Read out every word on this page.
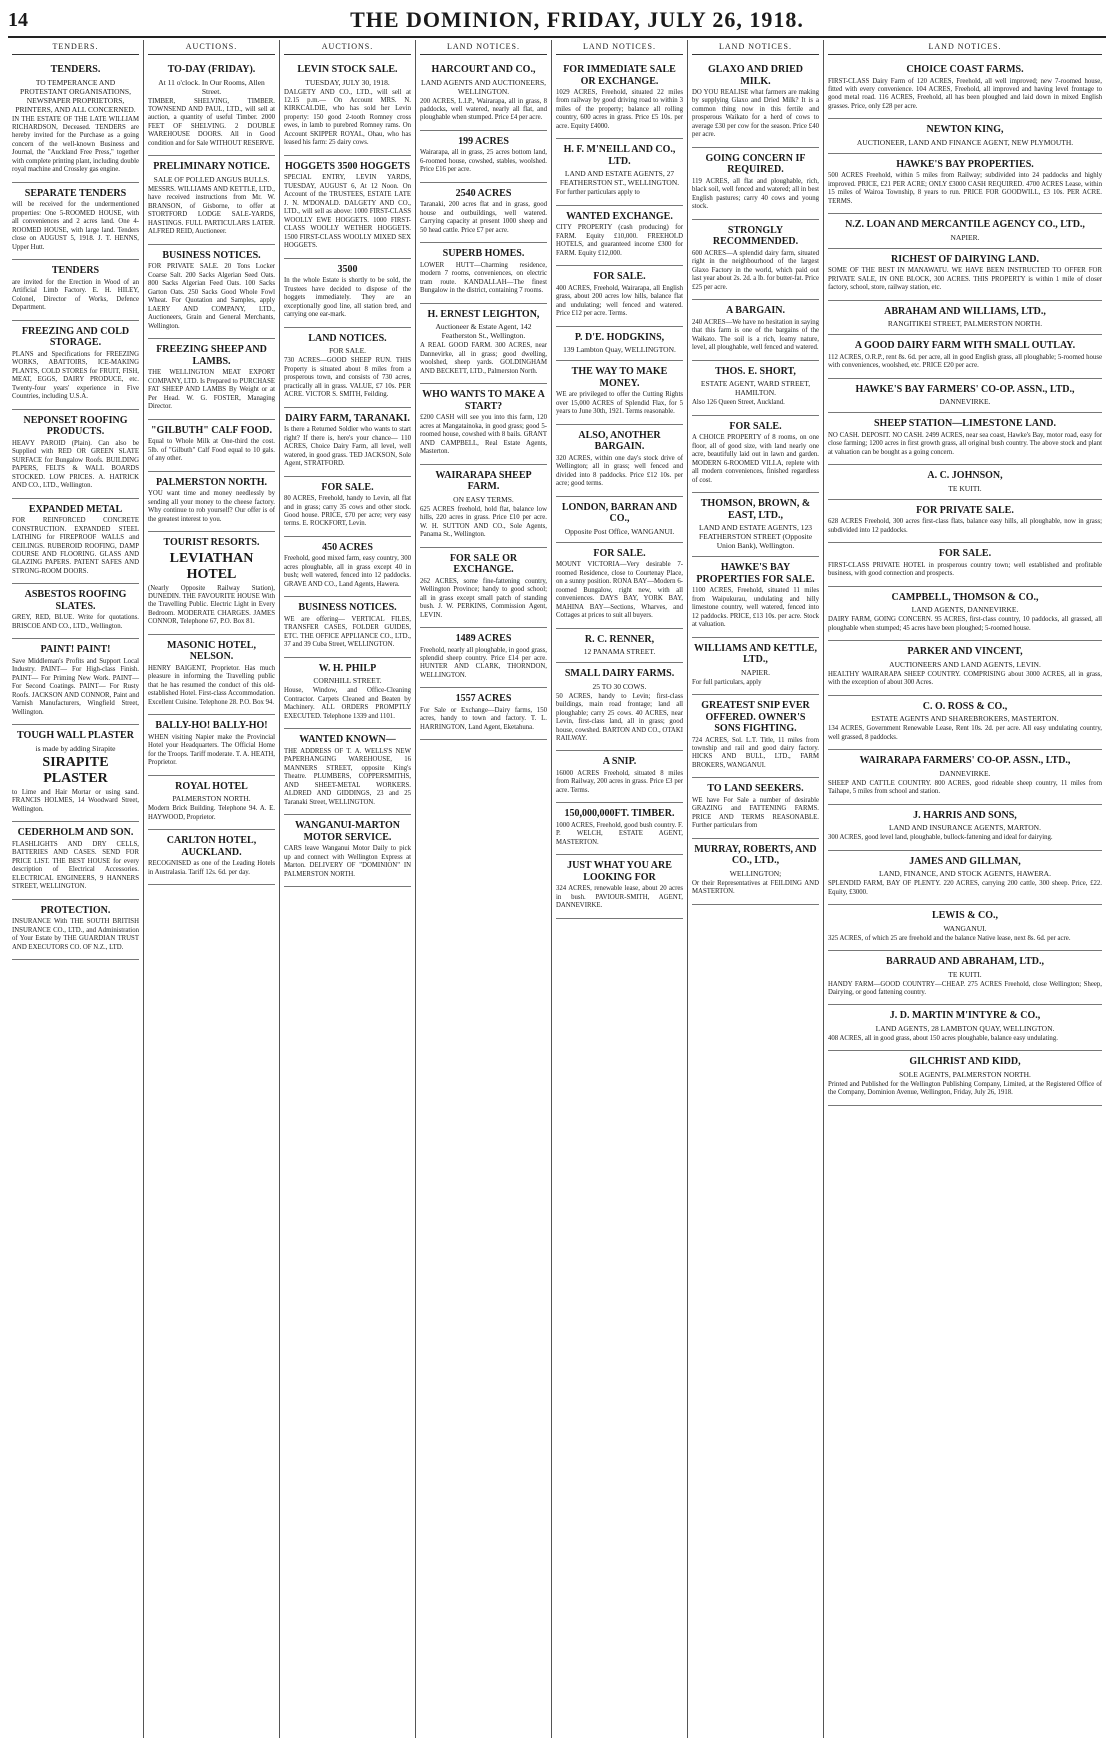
14	THE DOMINION, FRIDAY, JULY 26, 1918.
TENDERS.
TENDERS.
TO TEMPERANCE AND PROTESTANT ORGANISATIONS, NEWSPAPER PROPRIETORS, PRINTERS, AND ALL CONCERNED.
IN THE ESTATE OF THE LATE WILLIAM RICHARDSON, Deceased. TENDERS are hereby invited for the Purchase as a going concern of the well-known Business and Journal, the "Auckland Free Press," together with complete printing plant, including double royal machine and Crossley gas engine.
SEPARATE TENDERS
will be received for the undermentioned properties: One 5-ROOMED HOUSE, with all conveniences and 2 acres land. One 4-ROOMED HOUSE, with large land. Tenders close on AUGUST 5, 1918. J. T. HENNS, Upper Hutt.
TENDERS
are invited for the Erection in Wood of an Artificial Limb Factory. E. H. HILEY, Colonel, Director of Works, Defence Department.
FREEZING AND COLD STORAGE.
PLANS and Specifications for FREEZING WORKS, ABATTOIRS, ICE-MAKING PLANTS, COLD STORES for FRUIT, FISH, MEAT, EGGS, DAIRY PRODUCE, etc. Twenty-four years' experience in Five Countries, including U.S.A.
NEPONSET ROOFING PRODUCTS.
HEAVY PAROID (Plain). Can also be Supplied with RED OR GREEN SLATE SURFACE for Bungalow Roofs. BUILDING PAPERS, FELTS & WALL BOARDS STOCKED. LOW PRICES. A. HATRICK AND CO., LTD., Wellington.
EXPANDED METAL
FOR REINFORCED CONCRETE CONSTRUCTION. EXPANDED STEEL LATHING for FIREPROOF WALLS and CEILINGS. RUBEROID ROOFING, DAMP COURSE AND FLOORING. GLASS AND GLAZING PAPERS. PATENT SAFES AND STRONG-ROOM DOORS.
ASBESTOS ROOFING SLATES.
GREY, RED, BLUE. Write for quotations. BRISCOE AND CO., LTD., Wellington.
PAINT! PAINT!
Save Middleman's Profits and Support Local Industry. PAINT— For High-class Finish. PAINT— For Priming New Work. PAINT— For Second Coatings. PAINT— For Rusty Roofs. JACKSON AND CONNOR, Paint and Varnish Manufacturers, Wingfield Street, Wellington.
TOUGH WALL PLASTER
is made by adding Sirapite
SIRAPITE PLASTER
to Lime and Hair Mortar or using sand. FRANCIS HOLMES, 14 Woodward Street, Wellington.
CEDERHOLM AND SON.
FLASHLIGHTS AND DRY CELLS, BATTERIES AND CASES. SEND FOR PRICE LIST. THE BEST HOUSE for every description of Electrical Accessories. ELECTRICAL ENGINEERS, 9 HANNERS STREET, WELLINGTON.
PROTECTION.
INSURANCE With THE SOUTH BRITISH INSURANCE CO., LTD., and Administration of Your Estate by THE GUARDIAN TRUST AND EXECUTORS CO. OF N.Z., LTD.
AUCTIONS.
TO-DAY (FRIDAY).
At 11 o'clock. In Our Rooms, Allen Street.
TIMBER, SHELVING, TIMBER. TOWNSEND AND PAUL, LTD., will sell at auction, a quantity of useful Timber. 2000 FEET OF SHELVING. 2 DOUBLE WAREHOUSE DOORS. All in Good condition and for Sale WITHOUT RESERVE.
PRELIMINARY NOTICE.
SALE OF POLLED ANGUS BULLS.
MESSRS. WILLIAMS AND KETTLE, LTD., have received instructions from Mr. W. BRANSON, of Gisborne, to offer at STORTFORD LODGE SALE-YARDS, HASTINGS. FULL PARTICULARS LATER. ALFRED REID, Auctioneer.
BUSINESS NOTICES.
FOR PRIVATE SALE. 20 Tons Locker Coarse Salt. 200 Sacks Algerian Seed Oats. 800 Sacks Algerian Feed Oats. 100 Sacks Garton Oats. 250 Sacks Good Whole Fowl Wheat. For Quotation and Samples, apply LAERY AND COMPANY, LTD., Auctioneers, Grain and General Merchants, Wellington.
FREEZING SHEEP AND LAMBS.
THE WELLINGTON MEAT EXPORT COMPANY, LTD. Is Prepared to PURCHASE FAT SHEEP AND LAMBS By Weight or at Per Head. W. G. FOSTER, Managing Director.
"GILBUTH" CALF FOOD.
Equal to Whole Milk at One-third the cost. 5lb. of "Gilbuth" Calf Food equal to 10 gals. of any other.
PALMERSTON NORTH.
YOU want time and money needlessly by sending all your money to the cheese factory. Why continue to rob yourself? Our offer is of the greatest interest to you.
TOURIST RESORTS.
LEVIATHAN HOTEL
(Nearly Opposite Railway Station), DUNEDIN. THE FAVOURITE HOUSE With the Travelling Public. Electric Light in Every Bedroom. MODERATE CHARGES. JAMES CONNOR, Telephone 67, P.O. Box 81.
MASONIC HOTEL, NELSON.
HENRY BAIGENT, Proprietor. Has much pleasure in informing the Travelling public that he has resumed the conduct of this old-established Hotel. First-class Accommodation. Excellent Cuisine. Telephone 28. P.O. Box 94.
BALLY-HO! BALLY-HO!
WHEN visiting Napier make the Provincial Hotel your Headquarters. The Official Home for the Troops. Tariff moderate. T. A. HEATH, Proprietor.
ROYAL HOTEL
PALMERSTON NORTH.
Modern Brick Building. Telephone 94. A. E. HAYWOOD, Proprietor.
CARLTON HOTEL, AUCKLAND.
RECOGNISED as one of the Leading Hotels in Australasia. Tariff 12s. 6d. per day.
AUCTIONS.
LEVIN STOCK SALE.
TUESDAY, JULY 30, 1918.
DALGETY AND CO., LTD., will sell at 12.15 p.m.— On Account MRS. N. KIRKCALDIE, who has sold her Levin property: 150 good 2-tooth Romney cross ewes, in lamb to purebred Romney rams. On Account SKIPPER ROYAL, Ohau, who has leased his farm: 25 dairy cows.
HOGGETS 3500 HOGGETS
SPECIAL ENTRY, LEVIN YARDS, TUESDAY, AUGUST 6, At 12 Noon. On Account of the TRUSTEES, ESTATE LATE J. N. M'DONALD. DALGETY AND CO., LTD., will sell as above: 1000 FIRST-CLASS WOOLLY EWE HOGGETS. 1000 FIRST-CLASS WOOLLY WETHER HOGGETS. 1500 FIRST-CLASS WOOLLY MIXED SEX HOGGETS.
3500
In the whole Estate is shortly to be sold, the Trustees have decided to dispose of the hoggets immediately. They are an exceptionally good line, all station bred, and carrying one ear-mark.
LAND NOTICES.
FOR SALE.
730 ACRES—GOOD SHEEP RUN. THIS Property is situated about 8 miles from a prosperous town, and consists of 730 acres, practically all in grass. VALUE, £7 10s. PER ACRE. VICTOR S. SMITH, Feilding.
DAIRY FARM, TARANAKI.
Is there a Returned Soldier who wants to start right? If there is, here's your chance— 110 ACRES, Choice Dairy Farm, all level, well watered, in good grass. TED JACKSON, Sole Agent, STRATFORD.
FOR SALE.
80 ACRES, Freehold, handy to Levin, all flat and in grass; carry 35 cows and other stock. Good house. PRICE, £70 per acre; very easy terms. E. ROCKFORT, Levin.
450 ACRES
Freehold, good mixed farm, easy country, 300 acres ploughable, all in grass except 40 in bush; well watered, fenced into 12 paddocks. GRAVE AND CO., Land Agents, Hawera.
BUSINESS NOTICES.
WE are offering— VERTICAL FILES, TRANSFER CASES, FOLDER GUIDES, ETC. THE OFFICE APPLIANCE CO., LTD., 37 and 39 Cuba Street, WELLINGTON.
W. H. PHILP
CORNHILL STREET.
House, Window, and Office-Cleaning Contractor. Carpets Cleaned and Beaten by Machinery. ALL ORDERS PROMPTLY EXECUTED. Telephone 1339 and 1101.
WANTED KNOWN—
THE ADDRESS OF T. A. WELLS'S NEW PAPERHANGING WAREHOUSE, 16 MANNERS STREET, opposite King's Theatre. PLUMBERS, COPPERSMITHS, AND SHEET-METAL WORKERS. ALDRED AND GIDDINGS, 23 and 25 Taranaki Street, WELLINGTON.
WANGANUI-MARTON MOTOR SERVICE.
CARS leave Wanganui Motor Daily to pick up and connect with Wellington Express at Marton. DELIVERY OF "DOMINION" IN PALMERSTON NORTH.
LAND NOTICES.
HARCOURT AND CO.,
LAND AGENTS AND AUCTIONEERS, WELLINGTON.
200 ACRES, L.I.P., Wairarapa, all in grass, 8 paddocks, well watered, nearly all flat, and ploughable when stumped. Price £4 per acre.
199 ACRES
Wairarapa, all in grass, 25 acres bottom land, 6-roomed house, cowshed, stables, woolshed. Price £16 per acre.
2540 ACRES
Taranaki, 200 acres flat and in grass, good house and outbuildings, well watered. Carrying capacity at present 1000 sheep and 50 head cattle. Price £7 per acre.
SUPERB HOMES.
LOWER HUTT—Charming residence, modern 7 rooms, conveniences, on electric tram route. KANDALLAH—The finest Bungalow in the district, containing 7 rooms.
H. ERNEST LEIGHTON,
Auctioneer & Estate Agent, 142 Featherston St., Wellington.
A REAL GOOD FARM. 300 ACRES, near Dannevirke, all in grass; good dwelling, woolshed, sheep yards. GOLDINGHAM AND BECKETT, LTD., Palmerston North.
WHO WANTS TO MAKE A START?
£200 CASH will see you into this farm, 120 acres at Mangatainoka, in good grass; good 5-roomed house, cowshed with 8 bails. GRANT AND CAMPBELL, Real Estate Agents, Masterton.
WAIRARAPA SHEEP FARM.
ON EASY TERMS.
625 ACRES freehold, hold flat, balance low hills, 220 acres in grass. Price £10 per acre. W. H. SUTTON AND CO., Sole Agents, Panama St., Wellington.
FOR SALE OR EXCHANGE.
262 ACRES, some fine-fattening country, Wellington Province; handy to good school; all in grass except small patch of standing bush. J. W. PERKINS, Commission Agent, LEVIN.
1489 ACRES
Freehold, nearly all ploughable, in good grass, splendid sheep country. Price £14 per acre. HUNTER AND CLARK, THORNDON, WELLINGTON.
1557 ACRES
For Sale or Exchange—Dairy farms, 150 acres, handy to town and factory. T. L. HARRINGTON, Land Agent, Eketahuna.
LAND NOTICES.
FOR IMMEDIATE SALE OR EXCHANGE.
1029 ACRES, Freehold, situated 22 miles from railway by good driving road to within 3 miles of the property; balance all rolling country, 600 acres in grass. Price £5 10s. per acre. Equity £4000.
H. F. M'NEILL AND CO., LTD.
LAND AND ESTATE AGENTS, 27 FEATHERSTON ST., WELLINGTON.
For further particulars apply to
WANTED EXCHANGE.
CITY PROPERTY (cash producing) for FARM. Equity £10,000. FREEHOLD HOTELS, and guaranteed income £300 for FARM. Equity £12,000.
FOR SALE.
400 ACRES, Freehold, Wairarapa, all English grass, about 200 acres low hills, balance flat and undulating; well fenced and watered. Price £12 per acre. Terms.
P. D'E. HODGKINS,
139 Lambton Quay, WELLINGTON.
THE WAY TO MAKE MONEY.
WE are privileged to offer the Cutting Rights over 15,000 ACRES of Splendid Flax, for 5 years to June 30th, 1921. Terms reasonable.
ALSO, ANOTHER BARGAIN.
320 ACRES, within one day's stock drive of Wellington; all in grass; well fenced and divided into 8 paddocks. Price £12 10s. per acre; good terms.
LONDON, BARRAN AND CO.,
Opposite Post Office, WANGANUI.
FOR SALE.
MOUNT VICTORIA—Very desirable 7-roomed Residence, close to Courtenay Place, on a sunny position. RONA BAY—Modern 6-roomed Bungalow, right new, with all conveniences. DAYS BAY, YORK BAY, MAHINA BAY—Sections, Wharves, and Cottages at prices to suit all buyers.
R. C. RENNER,
12 PANAMA STREET.
SMALL DAIRY FARMS.
25 TO 30 COWS.
50 ACRES, handy to Levin; first-class buildings, main road frontage; land all ploughable; carry 25 cows. 40 ACRES, near Levin, first-class land, all in grass; good house, cowshed. BARTON AND CO., OTAKI RAILWAY.
A SNIP.
16000 ACRES Freehold, situated 8 miles from Railway, 200 acres in grass. Price £3 per acre. Terms.
150,000,000FT. TIMBER.
1000 ACRES, Freehold, good bush country. F. P. WELCH, ESTATE AGENT, MASTERTON.
JUST WHAT YOU ARE LOOKING FOR
324 ACRES, renewable lease, about 20 acres in bush. PAVIOUR-SMITH, AGENT, DANNEVIRKE.
LAND NOTICES.
GLAXO AND DRIED MILK.
DO YOU REALISE what farmers are making by supplying Glaxo and Dried Milk? It is a common thing now in this fertile and prosperous Waikato for a herd of cows to average £30 per cow for the season. Price £40 per acre.
GOING CONCERN IF REQUIRED.
119 ACRES, all flat and ploughable, rich, black soil, well fenced and watered; all in best English pastures; carry 40 cows and young stock.
STRONGLY RECOMMENDED.
600 ACRES—A splendid dairy farm, situated right in the neighbourhood of the largest Glaxo Factory in the world, which paid out last year about 2s. 2d. a lb. for butter-fat. Price £25 per acre.
A BARGAIN.
240 ACRES—We have no hesitation in saying that this farm is one of the bargains of the Waikato. The soil is a rich, loamy nature, level, all ploughable, well fenced and watered.
THOS. E. SHORT,
ESTATE AGENT, WARD STREET, HAMILTON.
Also 126 Queen Street, Auckland.
FOR SALE.
A CHOICE PROPERTY of 8 rooms, on one floor, all of good size, with land nearly one acre, beautifully laid out in lawn and garden. MODERN 6-ROOMED VILLA, replete with all modern conveniences, finished regardless of cost.
THOMSON, BROWN, & EAST, LTD.,
LAND AND ESTATE AGENTS, 123 FEATHERSTON STREET (Opposite Union Bank), Wellington.
HAWKE'S BAY PROPERTIES FOR SALE.
1100 ACRES, Freehold, situated 11 miles from Waipukurau, undulating and hilly limestone country, well watered, fenced into 12 paddocks. PRICE, £13 10s. per acre. Stock at valuation.
WILLIAMS AND KETTLE, LTD.,
NAPIER.
For full particulars, apply
GREATEST SNIP EVER OFFERED. OWNER'S SONS FIGHTING.
724 ACRES, Sol. L.T. Title, 11 miles from township and rail and good dairy factory. HICKS AND BULL, LTD., FARM BROKERS, WANGANUI.
TO LAND SEEKERS.
WE have For Sale a number of desirable GRAZING and FATTENING FARMS. PRICE AND TERMS REASONABLE. Further particulars from
MURRAY, ROBERTS, AND CO., LTD.,
WELLINGTON;
Or their Representatives at FEILDING AND MASTERTON.
LAND NOTICES.
CHOICE COAST FARMS.
FIRST-CLASS Dairy Farm of 120 ACRES, Freehold, all well improved; new 7-roomed house, fitted with every convenience. 104 ACRES, Freehold, all improved and having level frontage to good metal road. 116 ACRES, Freehold, all has been ploughed and laid down in mixed English grasses. Price, only £28 per acre.
NEWTON KING,
AUCTIONEER, LAND AND FINANCE AGENT, NEW PLYMOUTH.
HAWKE'S BAY PROPERTIES.
500 ACRES Freehold, within 5 miles from Railway; subdivided into 24 paddocks and highly improved. PRICE, £21 PER ACRE; ONLY £3000 CASH REQUIRED. 4700 ACRES Lease, within 15 miles of Wairoa Township, 8 years to run. PRICE FOR GOODWILL, £3 10s. PER ACRE. TERMS.
N.Z. LOAN AND MERCANTILE AGENCY CO., LTD.,
NAPIER.
RICHEST OF DAIRYING LAND.
SOME OF THE BEST IN MANAWATU. WE HAVE BEEN INSTRUCTED TO OFFER FOR PRIVATE SALE, IN ONE BLOCK, 300 ACRES. THIS PROPERTY is within 1 mile of closer factory, school, store, railway station, etc.
ABRAHAM AND WILLIAMS, LTD.,
RANGITIKEI STREET, PALMERSTON NORTH.
A GOOD DAIRY FARM WITH SMALL OUTLAY.
112 ACRES, O.R.P., rent 8s. 6d. per acre, all in good English grass, all ploughable; 5-roomed house with conveniences, woolshed, etc. PRICE £20 per acre.
HAWKE'S BAY FARMERS' CO-OP. ASSN., LTD.,
DANNEVIRKE.
SHEEP STATION—LIMESTONE LAND.
NO CASH. DEPOSIT. NO CASH. 2499 ACRES, near sea coast, Hawke's Bay, motor road, easy for close farming; 1200 acres in first growth grass, all original bush country. The above stock and plant at valuation can be bought as a going concern.
A. C. JOHNSON,
TE KUITI.
FOR PRIVATE SALE.
628 ACRES Freehold, 300 acres first-class flats, balance easy hills, all ploughable, now in grass; subdivided into 12 paddocks.
FOR SALE.
FIRST-CLASS PRIVATE HOTEL in prosperous country town; well established and profitable business, with good connection and prospects.
CAMPBELL, THOMSON & CO.,
LAND AGENTS, DANNEVIRKE.
DAIRY FARM, GOING CONCERN. 95 ACRES, first-class country, 10 paddocks, all grassed, all ploughable when stumped; 45 acres have been ploughed; 5-roomed house.
PARKER AND VINCENT,
AUCTIONEERS AND LAND AGENTS, LEVIN.
HEALTHY WAIRARAPA SHEEP COUNTRY. COMPRISING about 3000 ACRES, all in grass, with the exception of about 300 Acres.
C. O. ROSS & CO.,
ESTATE AGENTS AND SHAREBROKERS, MASTERTON.
134 ACRES, Government Renewable Lease, Rent 10s. 2d. per acre. All easy undulating country, well grassed, 8 paddocks.
WAIRARAPA FARMERS' CO-OP. ASSN., LTD.,
DANNEVIRKE.
SHEEP AND CATTLE COUNTRY. 800 ACRES, good rideable sheep country, 11 miles from Taihape, 5 miles from school and station.
J. HARRIS AND SONS,
LAND AND INSURANCE AGENTS, MARTON.
300 ACRES, good level land, ploughable, bullock-fattening and ideal for dairying.
JAMES AND GILLMAN,
LAND, FINANCE, AND STOCK AGENTS, HAWERA.
SPLENDID FARM, BAY OF PLENTY. 220 ACRES, carrying 200 cattle, 300 sheep. Price, £22. Equity, £3000.
LEWIS & CO.,
WANGANUI.
325 ACRES, of which 25 are freehold and the balance Native lease, next 8s. 6d. per acre.
BARRAUD AND ABRAHAM, LTD.,
TE KUITI.
HANDY FARM—GOOD COUNTRY—CHEAP. 275 ACRES Freehold, close Wellington; Sheep, Dairying, or good fattening country.
J. D. MARTIN M'INTYRE & CO.,
LAND AGENTS, 28 LAMBTON QUAY, WELLINGTON.
408 ACRES, all in good grass, about 150 acres ploughable, balance easy undulating.
GILCHRIST AND KIDD,
SOLE AGENTS, PALMERSTON NORTH.
Printed and Published for the Wellington Publishing Company, Limited, at the Registered Office of the Company, Dominion Avenue, Wellington, Friday, July 26, 1918.
